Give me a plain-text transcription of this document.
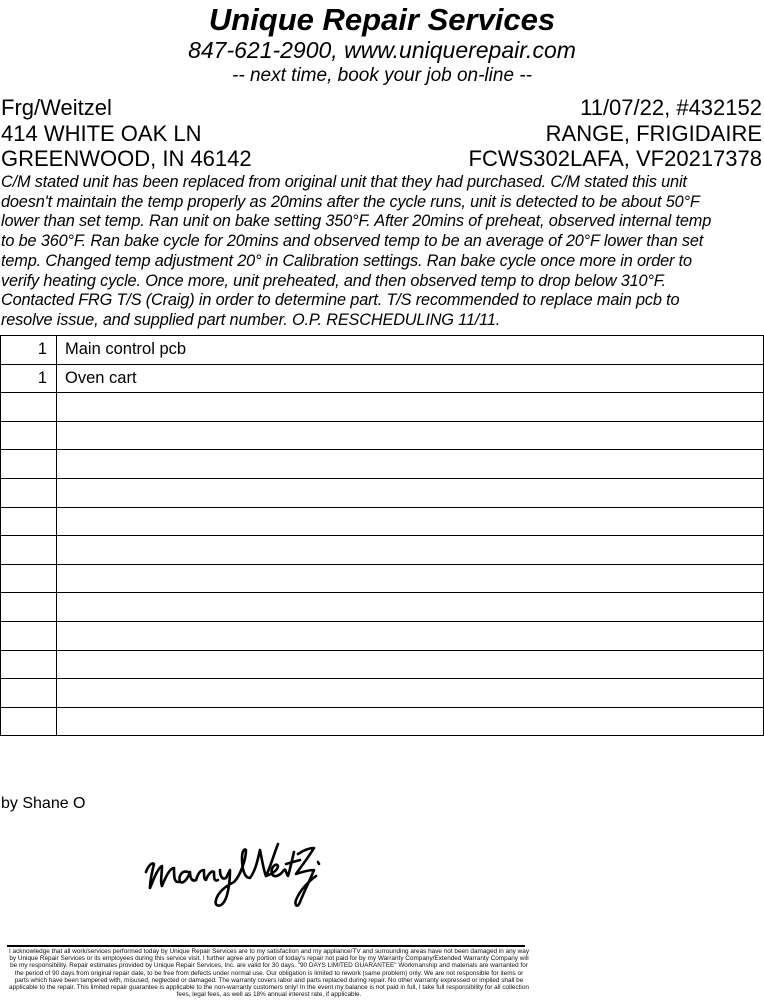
Unique Repair Services
847-621-2900, www.uniquerepair.com
-- next time, book your job on-line --
Frg/Weitzel
414 WHITE OAK LN
GREENWOOD, IN 46142
11/07/22, #432152
RANGE, FRIGIDAIRE
FCWS302LAFA, VF20217378
C/M stated unit has been replaced from original unit that they had purchased. C/M stated this unit
doesn't maintain the temp properly as 20mins after the cycle runs, unit is detected to be about 50°F
lower than set temp. Ran unit on bake setting 350°F. After 20mins of preheat, observed internal temp
to be 360°F. Ran bake cycle for 20mins and observed temp to be an average of 20°F lower than set
temp. Changed temp adjustment 20° in Calibration settings. Ran bake cycle once more in order to
verify heating cycle. Once more, unit preheated, and then observed temp to drop below 310°F.
Contacted FRG T/S (Craig) in order to determine part. T/S recommended to replace main pcb to
resolve issue, and supplied part number. O.P. RESCHEDULING 11/11.
1	Main control pcb
1	Oven cart

by Shane O
I acknowledge that all work/services performed today by Unique Repair Services are to my satisfaction and my appliance/TV and surrounding areas have not been damaged in any way by Unique Repair Services or its employees during this service visit. I further agree any portion of today's repair not paid for by my Warranty Company/Extended Warranty Company will be my responsibility. Repair estimates provided by Unique Repair Services, Inc. are valid for 30 days. "90 DAYS LIMITED GUARANTEE" Workmanship and materials are warranted for the period of 90 days from original repair date, to be free from defects under normal use. Our obligation is limited to rework (same problem) only. We are not responsible for items or parts which have been tampered with, misused, neglected or damaged. The warranty covers labor and parts replaced during repair. No other warranty expressed or implied shall be applicable to the repair. This limited repair guarantee is applicable to the non-warranty customers only! In the event my balance is not paid in full, I take full responsibility for all collection fees, legal fees, as well as 18% annual interest rate, if applicable.
